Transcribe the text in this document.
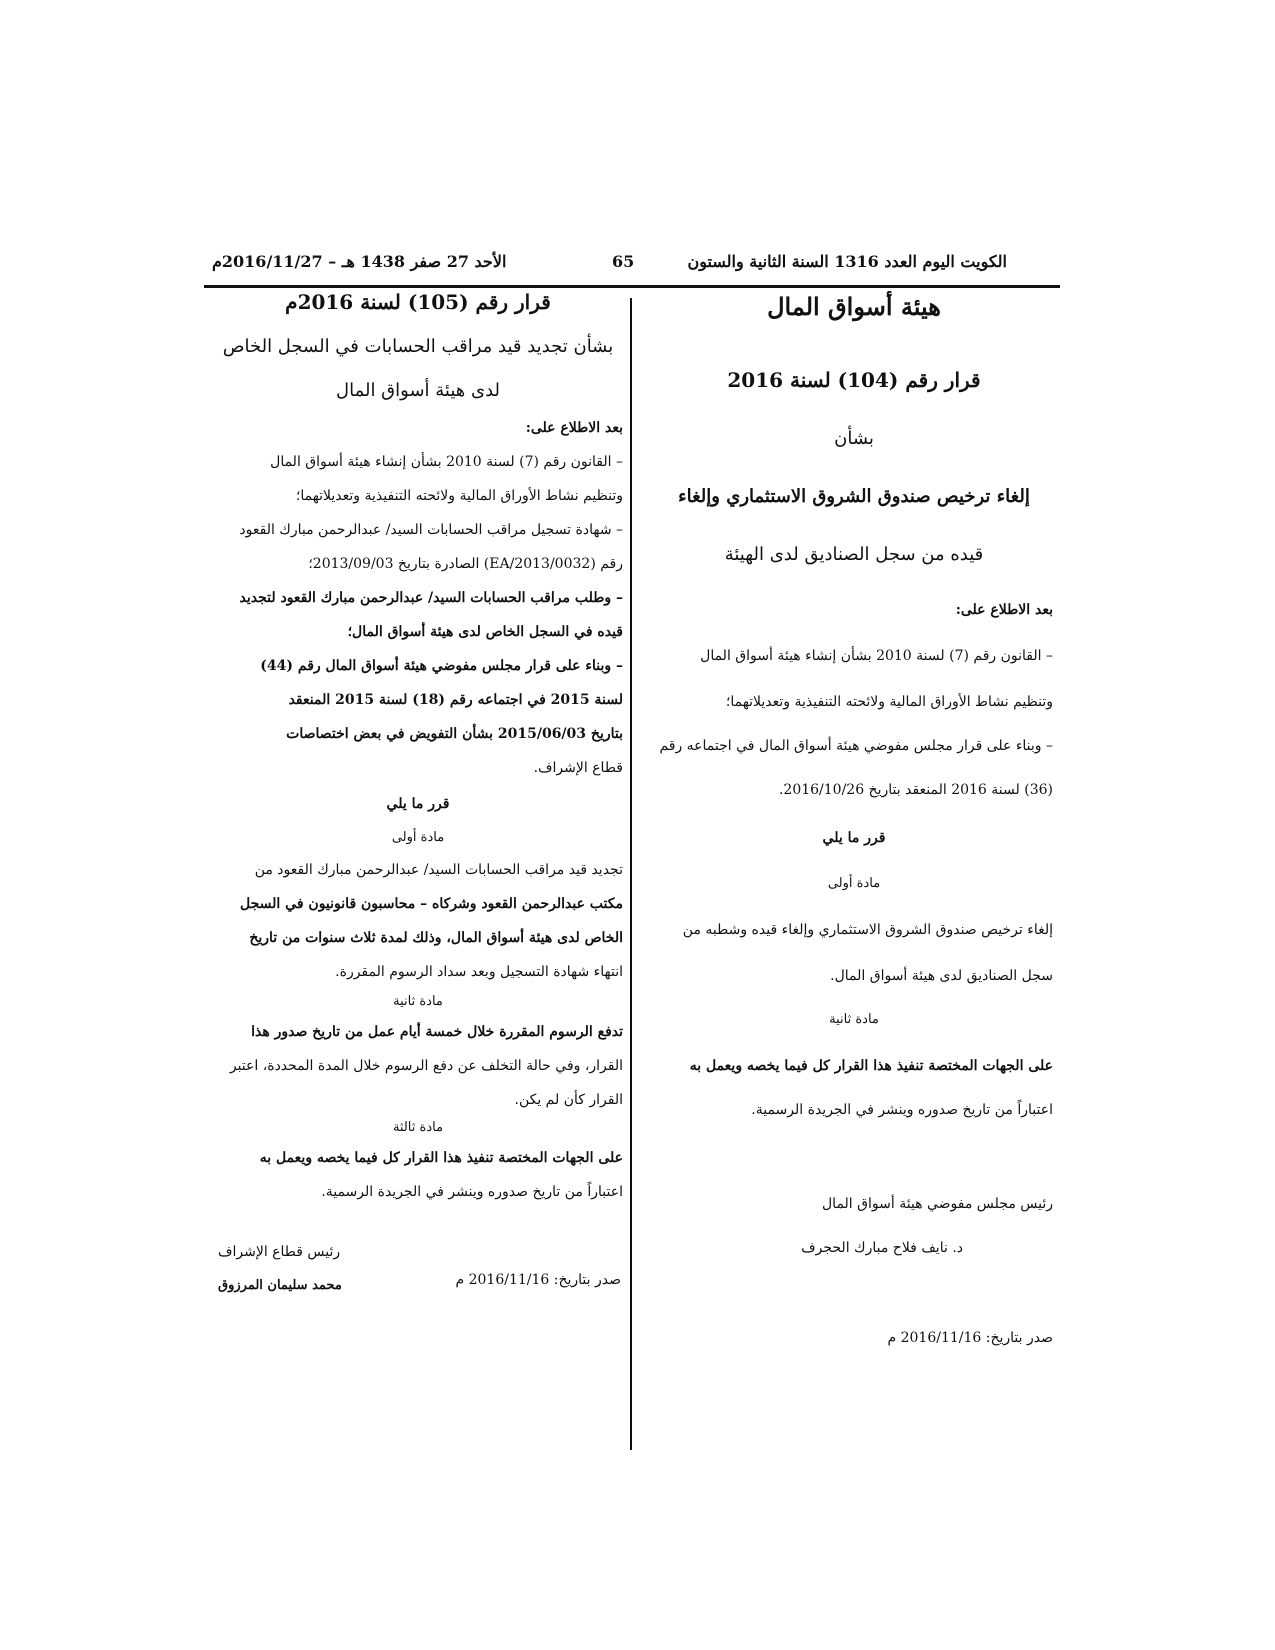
الكويت اليوم العدد 1316 السنة الثانية والستون
65
الأحد 27 صفر 1438 هـ – 2016/11/27م
هيئة أسواق المال
قرار رقم (104) لسنة 2016
بشأن
إلغاء ترخيص صندوق الشروق الاستثماري وإلغاء
قيده من سجل الصناديق لدى الهيئة
بعد الاطلاع على:
– القانون رقم (7) لسنة 2010 بشأن إنشاء هيئة أسواق المال
وتنظيم نشاط الأوراق المالية ولائحته التنفيذية وتعديلاتهما؛
– وبناء على قرار مجلس مفوضي هيئة أسواق المال في اجتماعه رقم
(36) لسنة 2016 المنعقد بتاريخ 2016/10/26.
قرر ما يلي
مادة أولى
إلغاء ترخيص صندوق الشروق الاستثماري وإلغاء قيده وشطبه من
سجل الصناديق لدى هيئة أسواق المال.
مادة ثانية
على الجهات المختصة تنفيذ هذا القرار كل فيما يخصه ويعمل به
اعتباراً من تاريخ صدوره وينشر في الجريدة الرسمية.
رئيس مجلس مفوضي هيئة أسواق المال
د. نايف فلاح مبارك الحجرف
صدر بتاريخ: 2016/11/16 م
قرار رقم (105) لسنة 2016م
بشأن تجديد قيد مراقب الحسابات في السجل الخاص
لدى هيئة أسواق المال
بعد الاطلاع على:
– القانون رقم (7) لسنة 2010 بشأن إنشاء هيئة أسواق المال
وتنظيم نشاط الأوراق المالية ولائحته التنفيذية وتعديلاتهما؛
– شهادة تسجيل مراقب الحسابات السيد/ عبدالرحمن مبارك القعود
رقم (EA/2013/0032) الصادرة بتاريخ 2013/09/03؛
– وطلب مراقب الحسابات السيد/ عبدالرحمن مبارك القعود لتجديد
قيده في السجل الخاص لدى هيئة أسواق المال؛
– وبناء على قرار مجلس مفوضي هيئة أسواق المال رقم (44)
لسنة 2015 في اجتماعه رقم (18) لسنة 2015 المنعقد
بتاريخ 2015/06/03 بشأن التفويض في بعض اختصاصات
قطاع الإشراف.
قرر ما يلي
مادة أولى
تجديد قيد مراقب الحسابات السيد/ عبدالرحمن مبارك القعود من
مكتب عبدالرحمن القعود وشركاه – محاسبون قانونيون في السجل
الخاص لدى هيئة أسواق المال، وذلك لمدة ثلاث سنوات من تاريخ
انتهاء شهادة التسجيل وبعد سداد الرسوم المقررة.
مادة ثانية
تدفع الرسوم المقررة خلال خمسة أيام عمل من تاريخ صدور هذا
القرار، وفي حالة التخلف عن دفع الرسوم خلال المدة المحددة، اعتبر
القرار كأن لم يكن.
مادة ثالثة
على الجهات المختصة تنفيذ هذا القرار كل فيما يخصه ويعمل به
اعتباراً من تاريخ صدوره وينشر في الجريدة الرسمية.
رئيس قطاع الإشراف
محمد سليمان المرزوق	صدر بتاريخ: 2016/11/16 م
